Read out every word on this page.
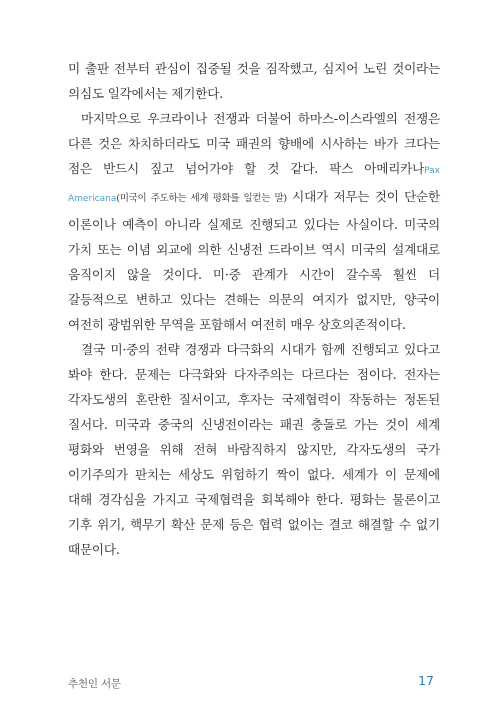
미 출판 전부터 관심이 집중될 것을 짐작했고, 심지어 노린 것이라는 의심도 일각에서는 제기한다.

마지막으로 우크라이나 전쟁과 더불어 하마스-이스라엘의 전쟁은 다른 것은 차치하더라도 미국 패권의 향배에 시사하는 바가 크다는 점은 반드시 짚고 넘어가야 할 것 같다. 팍스 아메리카나Pax Americana(미국이 주도하는 세계 평화를 일컫는 말) 시대가 저무는 것이 단순한 이론이나 예측이 아니라 실제로 진행되고 있다는 사실이다. 미국의 가치 또는 이념 외교에 의한 신냉전 드라이브 역시 미국의 설계대로 움직이지 않을 것이다. 미·중 관계가 시간이 갈수록 훨씬 더 갈등적으로 변하고 있다는 견해는 의문의 여지가 없지만, 양국이 여전히 광범위한 무역을 포함해서 여전히 매우 상호의존적이다.

결국 미·중의 전략 경쟁과 다극화의 시대가 함께 진행되고 있다고 봐야 한다. 문제는 다극화와 다자주의는 다르다는 점이다. 전자는 각자도생의 혼란한 질서이고, 후자는 국제협력이 작동하는 정돈된 질서다. 미국과 중국의 신냉전이라는 패권 충돌로 가는 것이 세계 평화와 번영을 위해 전혀 바람직하지 않지만, 각자도생의 국가 이기주의가 판치는 세상도 위험하기 짝이 없다. 세계가 이 문제에 대해 경각심을 가지고 국제협력을 회복해야 한다. 평화는 물론이고 기후 위기, 핵무기 확산 문제 등은 협력 없이는 결코 해결할 수 없기 때문이다.

추천인 서문	17
